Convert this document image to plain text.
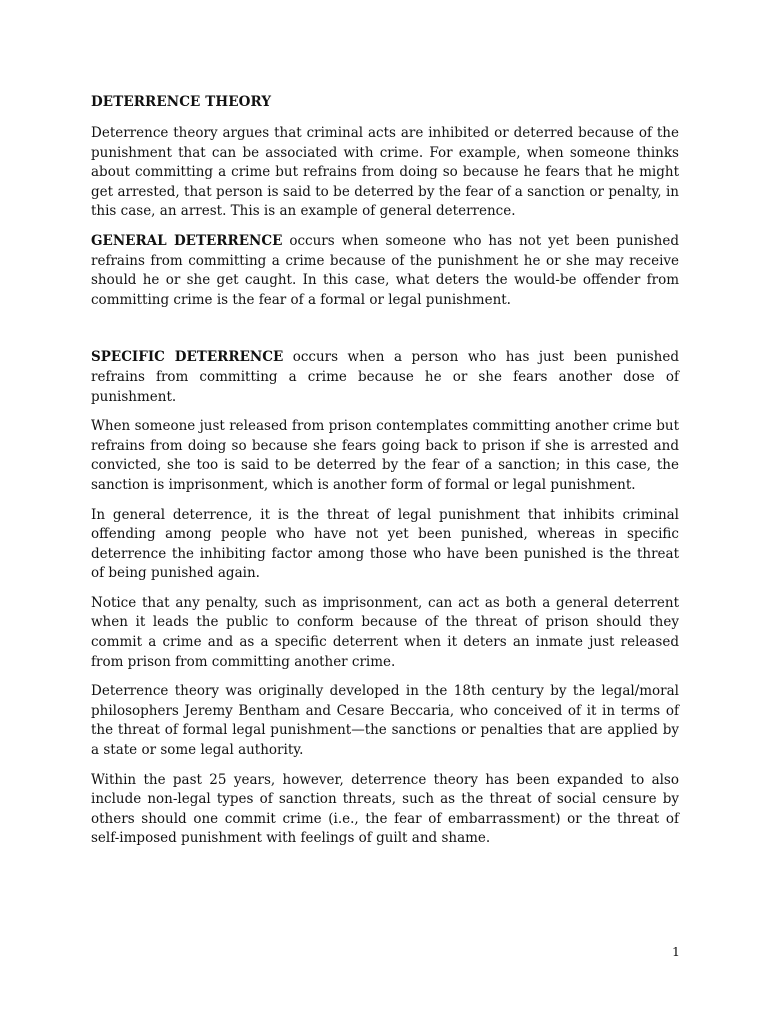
DETERRENCE THEORY

Deterrence theory argues that criminal acts are inhibited or deterred because of the punishment that can be associated with crime. For example, when someone thinks about committing a crime but refrains from doing so because he fears that he might get arrested, that person is said to be deterred by the fear of a sanction or penalty, in this case, an arrest. This is an example of general deterrence.

GENERAL DETERRENCE occurs when someone who has not yet been punished refrains from committing a crime because of the punishment he or she may receive should he or she get caught. In this case, what deters the would-be offender from committing crime is the fear of a formal or legal punishment.

SPECIFIC DETERRENCE occurs when a person who has just been punished refrains from committing a crime because he or she fears another dose of punishment.

When someone just released from prison contemplates committing another crime but refrains from doing so because she fears going back to prison if she is arrested and convicted, she too is said to be deterred by the fear of a sanction; in this case, the sanction is imprisonment, which is another form of formal or legal punishment.

In general deterrence, it is the threat of legal punishment that inhibits criminal offending among people who have not yet been punished, whereas in specific deterrence the inhibiting factor among those who have been punished is the threat of being punished again.

Notice that any penalty, such as imprisonment, can act as both a general deterrent when it leads the public to conform because of the threat of prison should they commit a crime and as a specific deterrent when it deters an inmate just released from prison from committing another crime.

Deterrence theory was originally developed in the 18th century by the legal/moral philosophers Jeremy Bentham and Cesare Beccaria, who conceived of it in terms of the threat of formal legal punishment—the sanctions or penalties that are applied by a state or some legal authority.

Within the past 25 years, however, deterrence theory has been expanded to also include non-legal types of sanction threats, such as the threat of social censure by others should one commit crime (i.e., the fear of embarrassment) or the threat of self-imposed punishment with feelings of guilt and shame.

1
